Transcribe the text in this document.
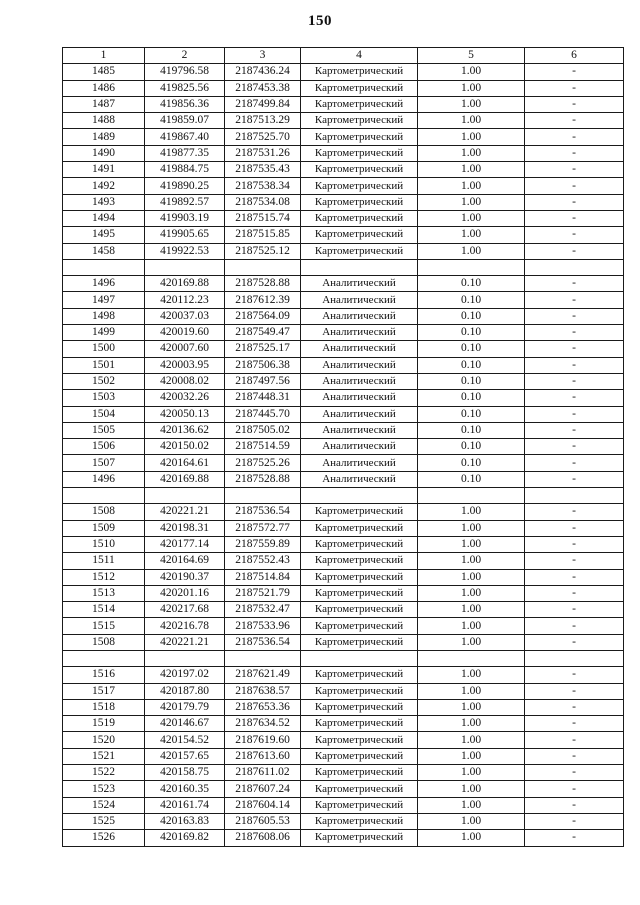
150
1	2	3	4	5	6
1485	419796.58	2187436.24	Картометрический	1.00	-
1486	419825.56	2187453.38	Картометрический	1.00	-
1487	419856.36	2187499.84	Картометрический	1.00	-
1488	419859.07	2187513.29	Картометрический	1.00	-
1489	419867.40	2187525.70	Картометрический	1.00	-
1490	419877.35	2187531.26	Картометрический	1.00	-
1491	419884.75	2187535.43	Картометрический	1.00	-
1492	419890.25	2187538.34	Картометрический	1.00	-
1493	419892.57	2187534.08	Картометрический	1.00	-
1494	419903.19	2187515.74	Картометрический	1.00	-
1495	419905.65	2187515.85	Картометрический	1.00	-
1458	419922.53	2187525.12	Картометрический	1.00	-

1496	420169.88	2187528.88	Аналитический	0.10	-
1497	420112.23	2187612.39	Аналитический	0.10	-
1498	420037.03	2187564.09	Аналитический	0.10	-
1499	420019.60	2187549.47	Аналитический	0.10	-
1500	420007.60	2187525.17	Аналитический	0.10	-
1501	420003.95	2187506.38	Аналитический	0.10	-
1502	420008.02	2187497.56	Аналитический	0.10	-
1503	420032.26	2187448.31	Аналитический	0.10	-
1504	420050.13	2187445.70	Аналитический	0.10	-
1505	420136.62	2187505.02	Аналитический	0.10	-
1506	420150.02	2187514.59	Аналитический	0.10	-
1507	420164.61	2187525.26	Аналитический	0.10	-
1496	420169.88	2187528.88	Аналитический	0.10	-

1508	420221.21	2187536.54	Картометрический	1.00	-
1509	420198.31	2187572.77	Картометрический	1.00	-
1510	420177.14	2187559.89	Картометрический	1.00	-
1511	420164.69	2187552.43	Картометрический	1.00	-
1512	420190.37	2187514.84	Картометрический	1.00	-
1513	420201.16	2187521.79	Картометрический	1.00	-
1514	420217.68	2187532.47	Картометрический	1.00	-
1515	420216.78	2187533.96	Картометрический	1.00	-
1508	420221.21	2187536.54	Картометрический	1.00	-

1516	420197.02	2187621.49	Картометрический	1.00	-
1517	420187.80	2187638.57	Картометрический	1.00	-
1518	420179.79	2187653.36	Картометрический	1.00	-
1519	420146.67	2187634.52	Картометрический	1.00	-
1520	420154.52	2187619.60	Картометрический	1.00	-
1521	420157.65	2187613.60	Картометрический	1.00	-
1522	420158.75	2187611.02	Картометрический	1.00	-
1523	420160.35	2187607.24	Картометрический	1.00	-
1524	420161.74	2187604.14	Картометрический	1.00	-
1525	420163.83	2187605.53	Картометрический	1.00	-
1526	420169.82	2187608.06	Картометрический	1.00	-
